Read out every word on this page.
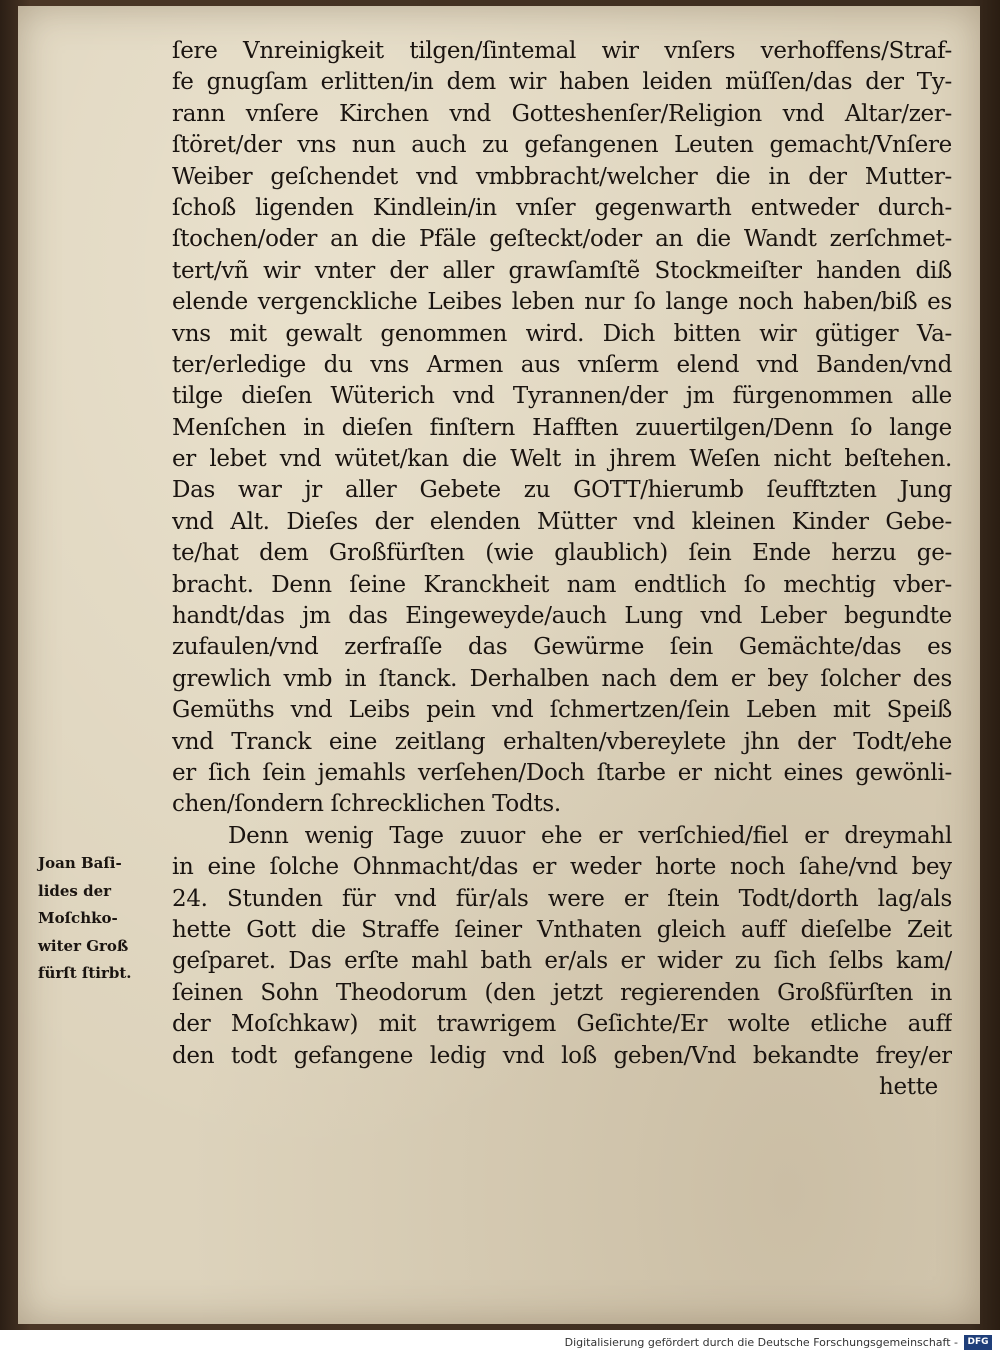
ſere Vnreinigkeit tilgen/ſintemal wir vnſers verhoffens/Straf-
fe gnugſam erlitten/in dem wir haben leiden müſſen/das der Ty-
rann vnſere Kirchen vnd Gotteshenſer/Religion vnd Altar/zer-
ſtöret/der vns nun auch zu gefangenen Leuten gemacht/Vnſere
Weiber geſchendet vnd vmbbracht/welcher die in der Mutter-
ſchoß ligenden Kindlein/in vnſer gegenwarth entweder durch-
ſtochen/oder an die Pfäle geſteckt/oder an die Wandt zerſchmet-
tert/vñ wir vnter der aller grawſamſtẽ Stockmeiſter handen diß
elende vergenckliche Leibes leben nur ſo lange noch haben/biß es
vns mit gewalt genommen wird. Dich bitten wir gütiger Va-
ter/erledige du vns Armen aus vnſerm elend vnd Banden/vnd
tilge dieſen Wüterich vnd Tyrannen/der jm fürgenommen alle
Menſchen in dieſen finſtern Hafften zuuertilgen/Denn ſo lange
er lebet vnd wütet/kan die Welt in jhrem Weſen nicht beſtehen.
Das war jr aller Gebete zu GOTT/hierumb ſeufftzten Jung
vnd Alt. Dieſes der elenden Mütter vnd kleinen Kinder Gebe-
te/hat dem Großfürſten (wie glaublich) ſein Ende herzu ge-
bracht. Denn ſeine Kranckheit nam endtlich ſo mechtig vber-
handt/das jm das Eingeweyde/auch Lung vnd Leber begundte
zufaulen/vnd zerfraſſe das Gewürme ſein Gemächte/das es
grewlich vmb in ſtanck. Derhalben nach dem er bey ſolcher des
Gemüths vnd Leibs pein vnd ſchmertzen/ſein Leben mit Speiß
vnd Tranck eine zeitlang erhalten/vbereylete jhn der Todt/ehe
er ſich ſein jemahls verſehen/Doch ſtarbe er nicht eines gewönli-
chen/ſondern ſchrecklichen Todts.
Denn wenig Tage zuuor ehe er verſchied/fiel er dreymahl
in eine ſolche Ohnmacht/das er weder horte noch ſahe/vnd bey
24. Stunden für vnd für/als were er ſtein Todt/dorth lag/als
hette Gott die Straffe ſeiner Vnthaten gleich auff dieſelbe Zeit
geſparet. Das erſte mahl bath er/als er wider zu ſich ſelbs kam/
ſeinen Sohn Theodorum (den jetzt regierenden Großfürſten in
der Moſchkaw) mit trawrigem Geſichte/Er wolte etliche auff
den todt gefangene ledig vnd loß geben/Vnd bekandte frey/er
hette
Joan Baſi-
lides der
Moſchko-
witer Groß
fürſt ſtirbt.
Digitalisierung gefördert durch die Deutsche Forschungsgemeinschaft -	DFG
